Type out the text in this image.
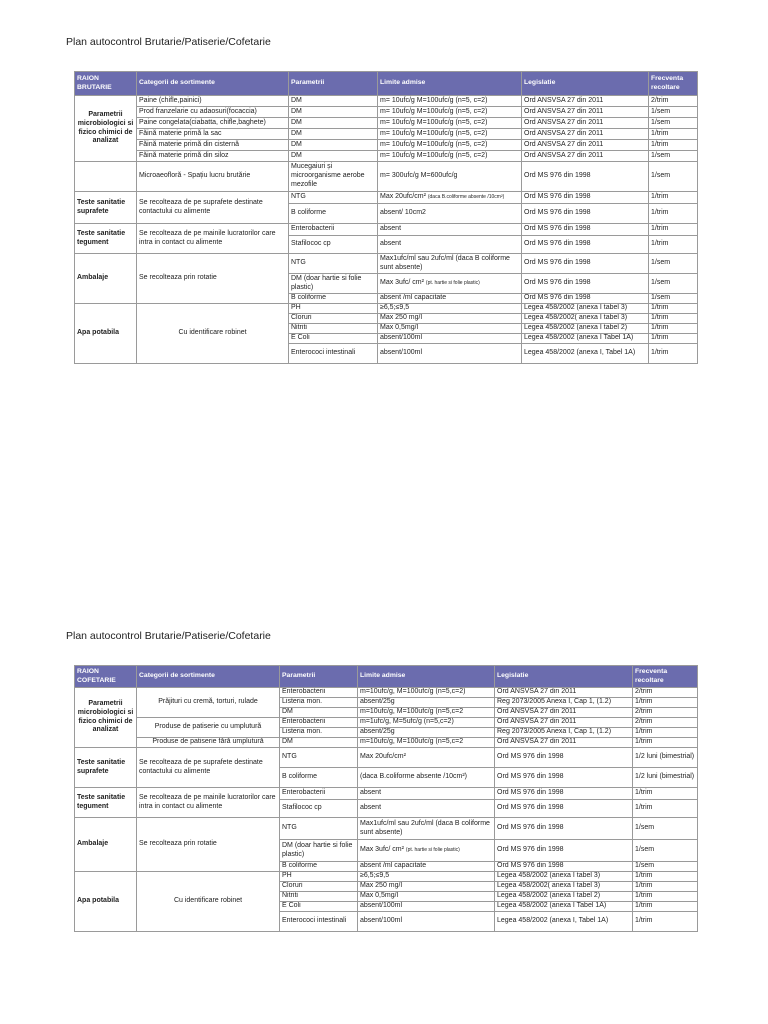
Plan autocontrol Brutarie/Patiserie/Cofetarie
RAION BRUTARIE	Categorii de sortimente	Parametrii	Limite admise	Legislatie	Frecventa recoltare
Parametrii microbiologici si fizico chimici de analizat	Paine (chifle,painici)	DM	m= 10ufc/g M=100ufc/g (n=5, c=2)	Ord ANSVSA 27 din 2011	2/trim
	Prod franzelarie cu adaosuri(focaccia)	DM	m= 10ufc/g M=100ufc/g (n=5, c=2)	Ord ANSVSA 27 din 2011	1/sem
	Paine congelata(ciabatta, chifle,baghete)	DM	m= 10ufc/g M=100ufc/g (n=5, c=2)	Ord ANSVSA 27 din 2011	1/sem
	Făină materie primă la sac	DM	m= 10ufc/g M=100ufc/g (n=5, c=2)	Ord ANSVSA 27 din 2011	1/trim
	Făină materie primă din cisternă	DM	m= 10ufc/g M=100ufc/g (n=5, c=2)	Ord ANSVSA 27 din 2011	1/trim
	Făină materie primă din siloz	DM	m= 10ufc/g M=100ufc/g (n=5, c=2)	Ord ANSVSA 27 din 2011	1/sem
	Microaeofloră - Spațiu lucru brutărie	Mucegaiuri și microorganisme aerobe mezofile	m= 300ufc/g M=600ufc/g	Ord MS 976 din 1998	1/sem
Teste sanitatie suprafete	Se recolteaza de pe suprafete destinate contactului cu alimente	NTG	Max 20ufc/cm² (daca B.coliforme absente /10cm²)	Ord MS 976 din 1998	1/trim
		B coliforme	absent/ 10cm2	Ord MS 976 din 1998	1/trim
Teste sanitatie tegument	Se recolteaza de pe mainile lucratorilor care intra in contact cu alimente	Enterobacterii	absent	Ord MS 976 din 1998	1/trim
		Stafilococ cp	absent	Ord MS 976 din 1998	1/trim
Ambalaje	Se recolteaza prin rotatie	NTG	Max1ufc/ml sau 2ufc/ml (daca B coliforme sunt absente)	Ord MS 976 din 1998	1/sem
		DM (doar hartie si folie plastic)	Max 3ufc/ cm² (pt. hartie si folie plastic)	Ord MS 976 din 1998	1/sem
		B coliforme	absent /ml capacitate	Ord MS 976 din 1998	1/sem
Apa potabila	Cu identificare robinet	PH	≥6,5;≤9,5	Legea 458/2002 (anexa I tabel 3)	1/trim
		Cloruri	Max 250 mg/l	Legea 458/2002( anexa I tabel 3)	1/trim
		Nitriti	Max 0,5mg/l	Legea 458/2002 (anexa I tabel 2)	1/trim
		E Coli	absent/100ml	Legea 458/2002 (anexa I Tabel 1A)	1/trim
		Enterococi intestinali	absent/100ml	Legea 458/2002 (anexa I, Tabel 1A)	1/trim
Plan autocontrol Brutarie/Patiserie/Cofetarie
RAION COFETARIE	Categorii de sortimente	Parametrii	Limite admise	Legislatie	Frecventa recoltare
Parametrii microbiologici si fizico chimici de analizat	Prăjituri cu cremă, torturi, rulade	Enterobacterii	m=10ufc/g, M=100ufc/g (n=5,c=2)	Ord ANSVSA 27 din 2011	2/trim
		Listeria mon.	absent/25g	Reg 2073/2005 Anexa I, Cap 1, (1.2)	1/trim
		DM	m=10ufc/g, M=100ufc/g (n=5,c=2	Ord ANSVSA 27 din 2011	2/trim
	Produse de patiserie cu umplutură	Enterobacterii	m=1ufc/g, M=5ufc/g (n=5,c=2)	Ord ANSVSA 27 din 2011	2/trim
		Listeria mon.	absent/25g	Reg 2073/2005 Anexa I, Cap 1, (1.2)	1/trim
	Produse de patiserie fără umplutură	DM	m=10ufc/g, M=100ufc/g (n=5,c=2	Ord ANSVSA 27 din 2011	1/trim
Teste sanitatie suprafete	Se recolteaza de pe suprafete destinate contactului cu alimente	NTG	Max 20ufc/cm²	Ord MS 976 din 1998	1/2 luni (bimestrial)
		B coliforme	(daca B.coliforme absente /10cm²)	Ord MS 976 din 1998	1/2 luni (bimestrial)
Teste sanitatie tegument	Se recolteaza de pe mainile lucratorilor care intra in contact cu alimente	Enterobacterii	absent	Ord MS 976 din 1998	1/trim
		Stafilococ cp	absent	Ord MS 976 din 1998	1/trim
Ambalaje	Se recolteaza prin rotatie	NTG	Max1ufc/ml sau 2ufc/ml (daca B coliforme sunt absente)	Ord MS 976 din 1998	1/sem
		DM (doar hartie si folie plastic)	Max 3ufc/ cm² (pt. hartie si folie plastic)	Ord MS 976 din 1998	1/sem
		B coliforme	absent /ml capacitate	Ord MS 976 din 1998	1/sem
Apa potabila	Cu identificare robinet	PH	≥6,5;≤9,5	Legea 458/2002 (anexa I tabel 3)	1/trim
		Cloruri	Max 250 mg/l	Legea 458/2002( anexa I tabel 3)	1/trim
		Nitriti	Max 0,5mg/l	Legea 458/2002 (anexa I tabel 2)	1/trim
		E Coli	absent/100ml	Legea 458/2002 (anexa I Tabel 1A)	1/trim
		Enterococi intestinali	absent/100ml	Legea 458/2002 (anexa I, Tabel 1A)	1/trim
